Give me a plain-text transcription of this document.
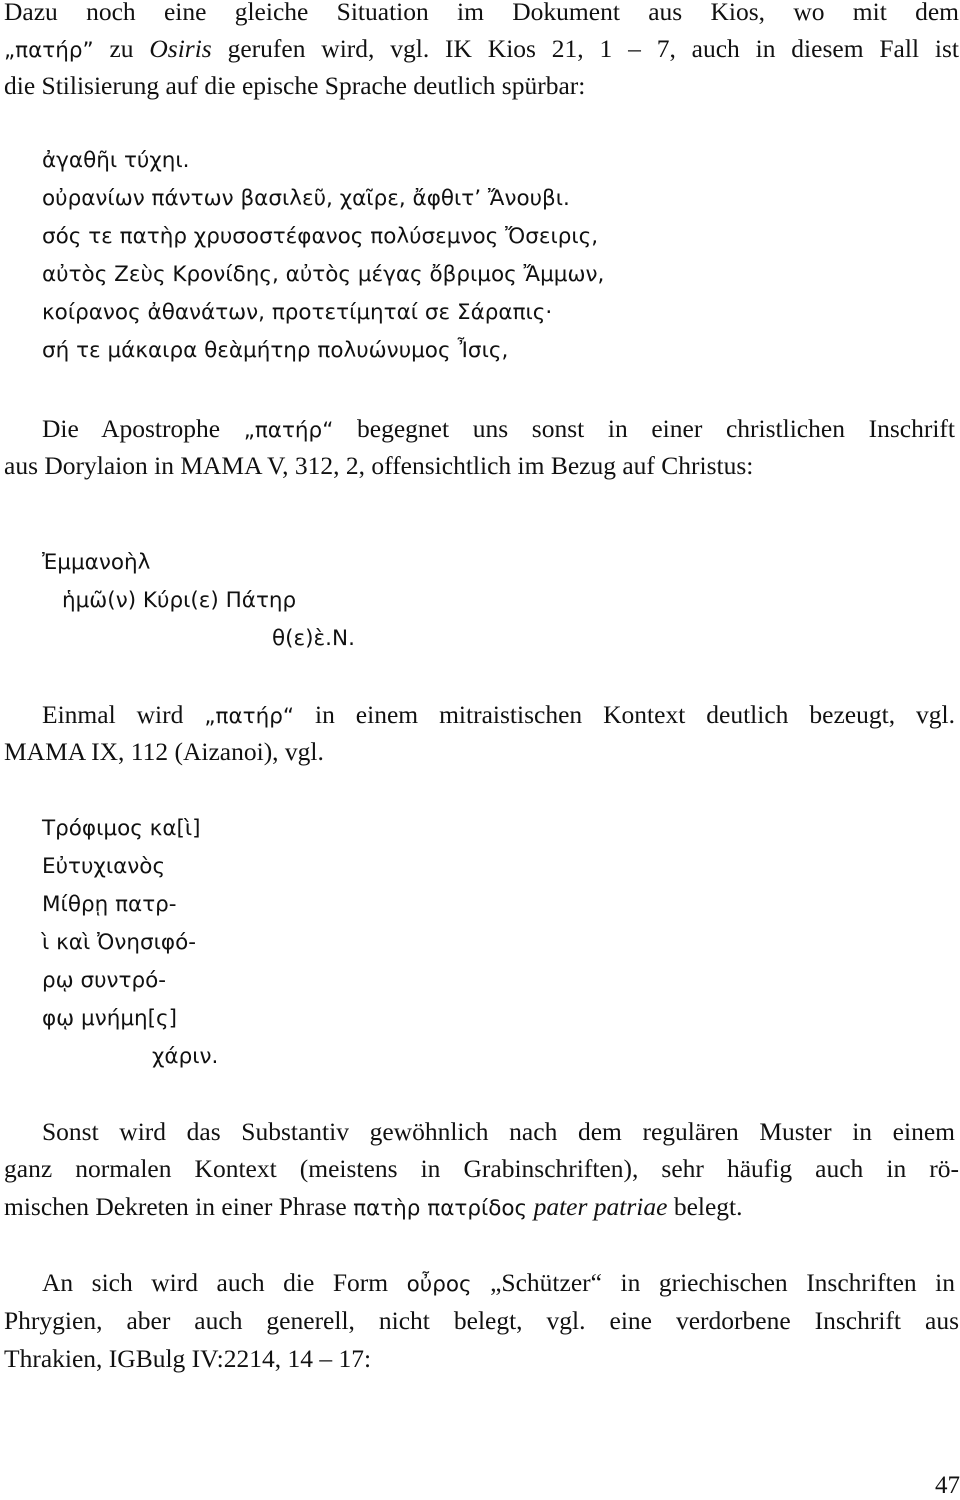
Dazu noch eine gleiche Situation im Dokument aus Kios, wo mit dem
„πατήρ” zu Osiris gerufen wird, vgl. IK Kios 21, 1 – 7, auch in diesem Fall ist
die Stilisierung auf die epische Sprache deutlich spürbar:
ἀγαθῆι τύχηι.
οὐρανίων πάντων βασιλεῦ, χαῖρε, ἄφθιτ’ Ἄνουβι.
σός τε πατὴρ χρυσοστέφανος πολύσεμνος Ὄσειρις,
αὐτὸς Ζεὺς Κρονίδης, αὐτὸς μέγας ὄβριμος Ἄμμων,
κοίρανος ἀθανάτων, προτετίμηταί σε Σάραπις·
σή τε μάκαιρα θεὰμήτηρ πολυώνυμος Ἶσις,
Die Apostrophe „πατήρ“ begegnet uns sonst in einer christlichen Inschrift
aus Dorylaion in MAMA V, 312, 2, offensichtlich im Bezug auf Christus:
Ἐμμανοὴλ
ἡμῶ(ν) Κύρι(ε) Πάτηρ
θ(ε)ὲ.Ν.
Einmal wird „πατήρ“ in einem mitraistischen Kontext deutlich bezeugt, vgl.
MAMA IX, 112 (Aizanoi), vgl.
Τρόφιμος κα[ὶ]
Εὐτυχιανὸς
Μίθρῃ πατρ-
ὶ καὶ Ὀνησιφό-
ρῳ συντρό-
φῳ μνήμη[ς]
χάριν.
Sonst wird das Substantiv gewöhnlich nach dem regulären Muster in einem
ganz normalen Kontext (meistens in Grabinschriften), sehr häufig auch in rö-
mischen Dekreten in einer Phrase πατὴρ πατρίδος pater patriae belegt.
An sich wird auch die Form οὖρος „Schützer“ in griechischen Inschriften in
Phrygien, aber auch generell, nicht belegt, vgl. eine verdorbene Inschrift aus
Thrakien, IGBulg IV:2214, 14 – 17:
47
